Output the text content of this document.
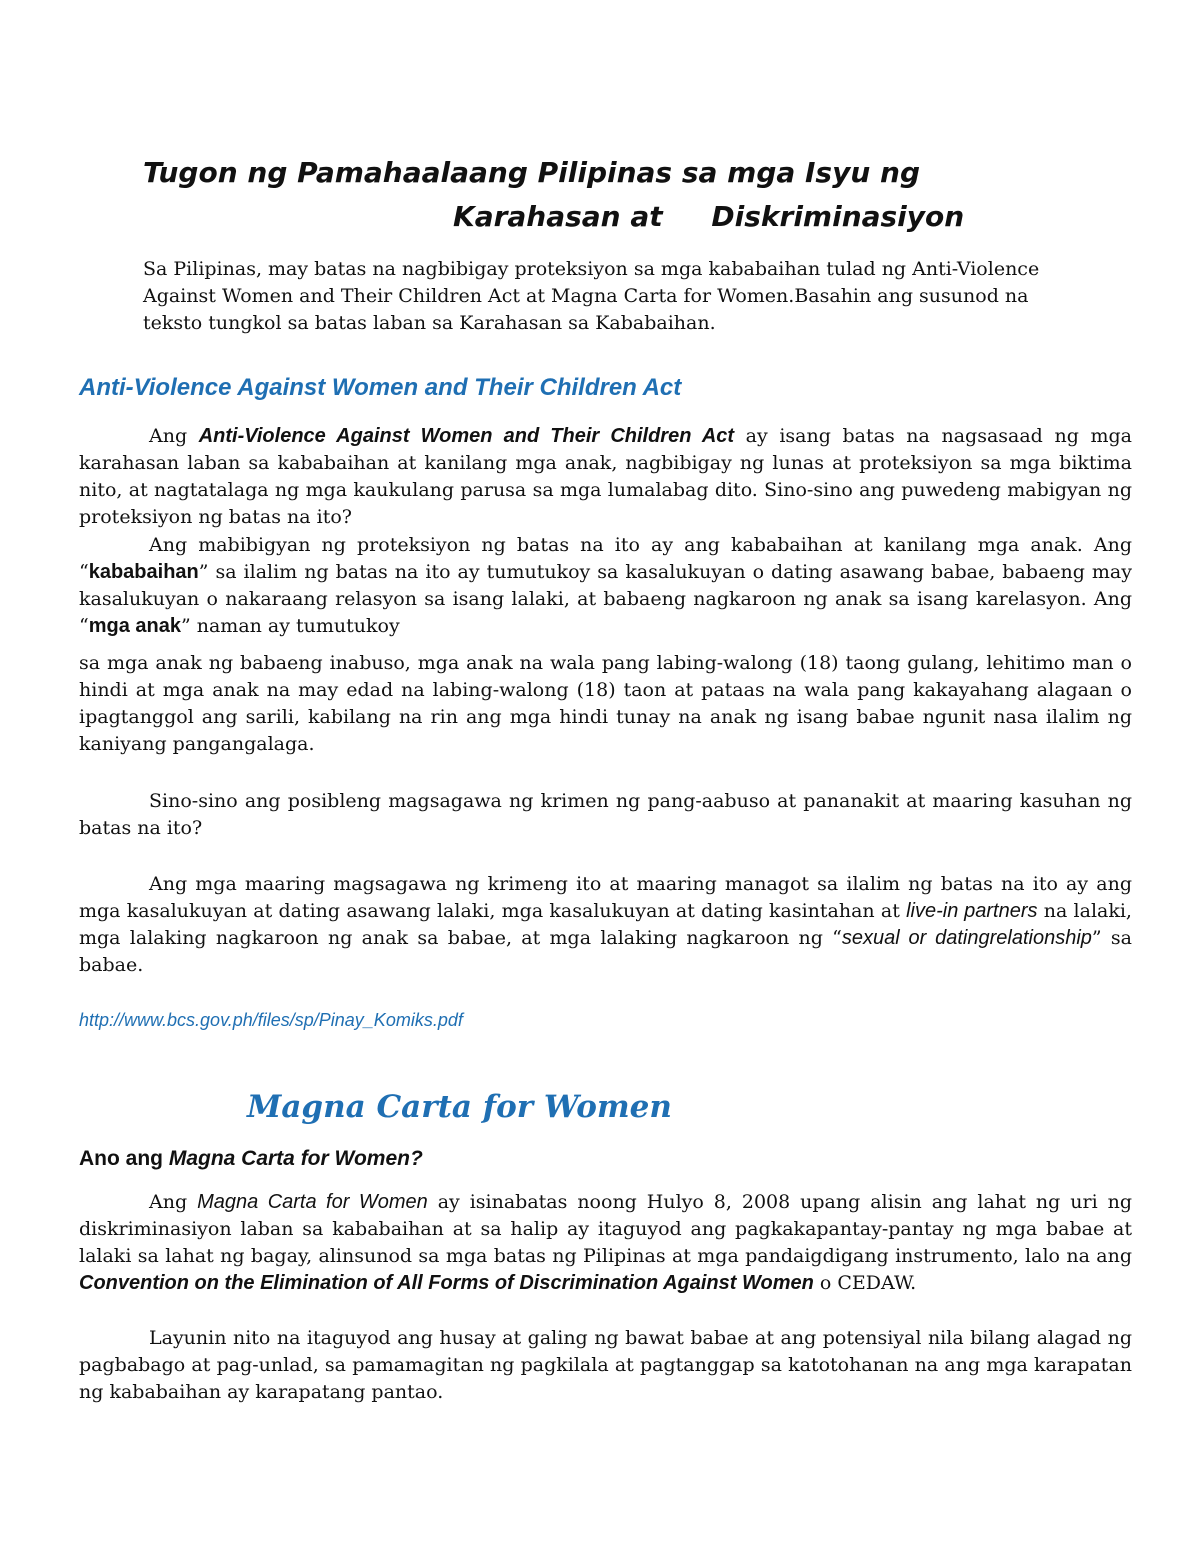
Tugon ng Pamahaalaang Pilipinas sa mga Isyu ng
Karahasan at     Diskriminasiyon

Sa Pilipinas, may batas na nagbibigay proteksiyon sa mga kababaihan tulad ng Anti-Violence Against Women and Their Children Act at Magna Carta for Women.Basahin ang susunod na teksto tungkol sa batas laban sa Karahasan sa Kababaihan.

Anti-Violence Against Women and Their Children Act

Ang Anti-Violence Against Women and Their Children Act ay isang batas na nagsasaad ng mga karahasan laban sa kababaihan at kanilang mga anak, nagbibigay ng lunas at proteksiyon sa mga biktima nito, at nagtatalaga ng mga kaukulang parusa sa mga lumalabag dito. Sino-sino ang puwedeng mabigyan ng proteksiyon ng batas na ito?

Ang mabibigyan ng proteksiyon ng batas na ito ay ang kababaihan at kanilang mga anak. Ang “kababaihan” sa ilalim ng batas na ito ay tumutukoy sa kasalukuyan o dating asawang babae, babaeng may kasalukuyan o nakaraang relasyon sa isang lalaki, at babaeng nagkaroon ng anak sa isang karelasyon. Ang “mga anak” naman ay tumutukoy

sa mga anak ng babaeng inabuso, mga anak na wala pang labing-walong (18) taong gulang, lehitimo man o hindi at mga anak na may edad na labing-walong (18) taon at pataas na wala pang kakayahang alagaan o ipagtanggol ang sarili, kabilang na rin ang mga hindi tunay na anak ng isang babae ngunit nasa ilalim ng kaniyang pangangalaga.

Sino-sino ang posibleng magsagawa ng krimen ng pang-aabuso at pananakit at maaring kasuhan ng batas na ito?

Ang mga maaring magsagawa ng krimeng ito at maaring managot sa ilalim ng batas na ito ay ang mga kasalukuyan at dating asawang lalaki, mga kasalukuyan at dating kasintahan at live-in partners na lalaki, mga lalaking nagkaroon ng anak sa babae, at mga lalaking nagkaroon ng “sexual or datingrelationship” sa babae.

http://www.bcs.gov.ph/files/sp/Pinay_Komiks.pdf
Magna Carta for Women
Ano ang Magna Carta for Women?

Ang Magna Carta for Women ay isinabatas noong Hulyo 8, 2008 upang alisin ang lahat ng uri ng diskriminasiyon laban sa kababaihan at sa halip ay itaguyod ang pagkakapantay-pantay ng mga babae at lalaki sa lahat ng bagay, alinsunod sa mga batas ng Pilipinas at mga pandaigdigang instrumento, lalo na ang Convention on the Elimination of All Forms of Discrimination Against Women o CEDAW.

Layunin nito na itaguyod ang husay at galing ng bawat babae at ang potensiyal nila bilang alagad ng pagbabago at pag-unlad, sa pamamagitan ng pagkilala at pagtanggap sa katotohanan na ang mga karapatan ng kababaihan ay karapatang pantao.
